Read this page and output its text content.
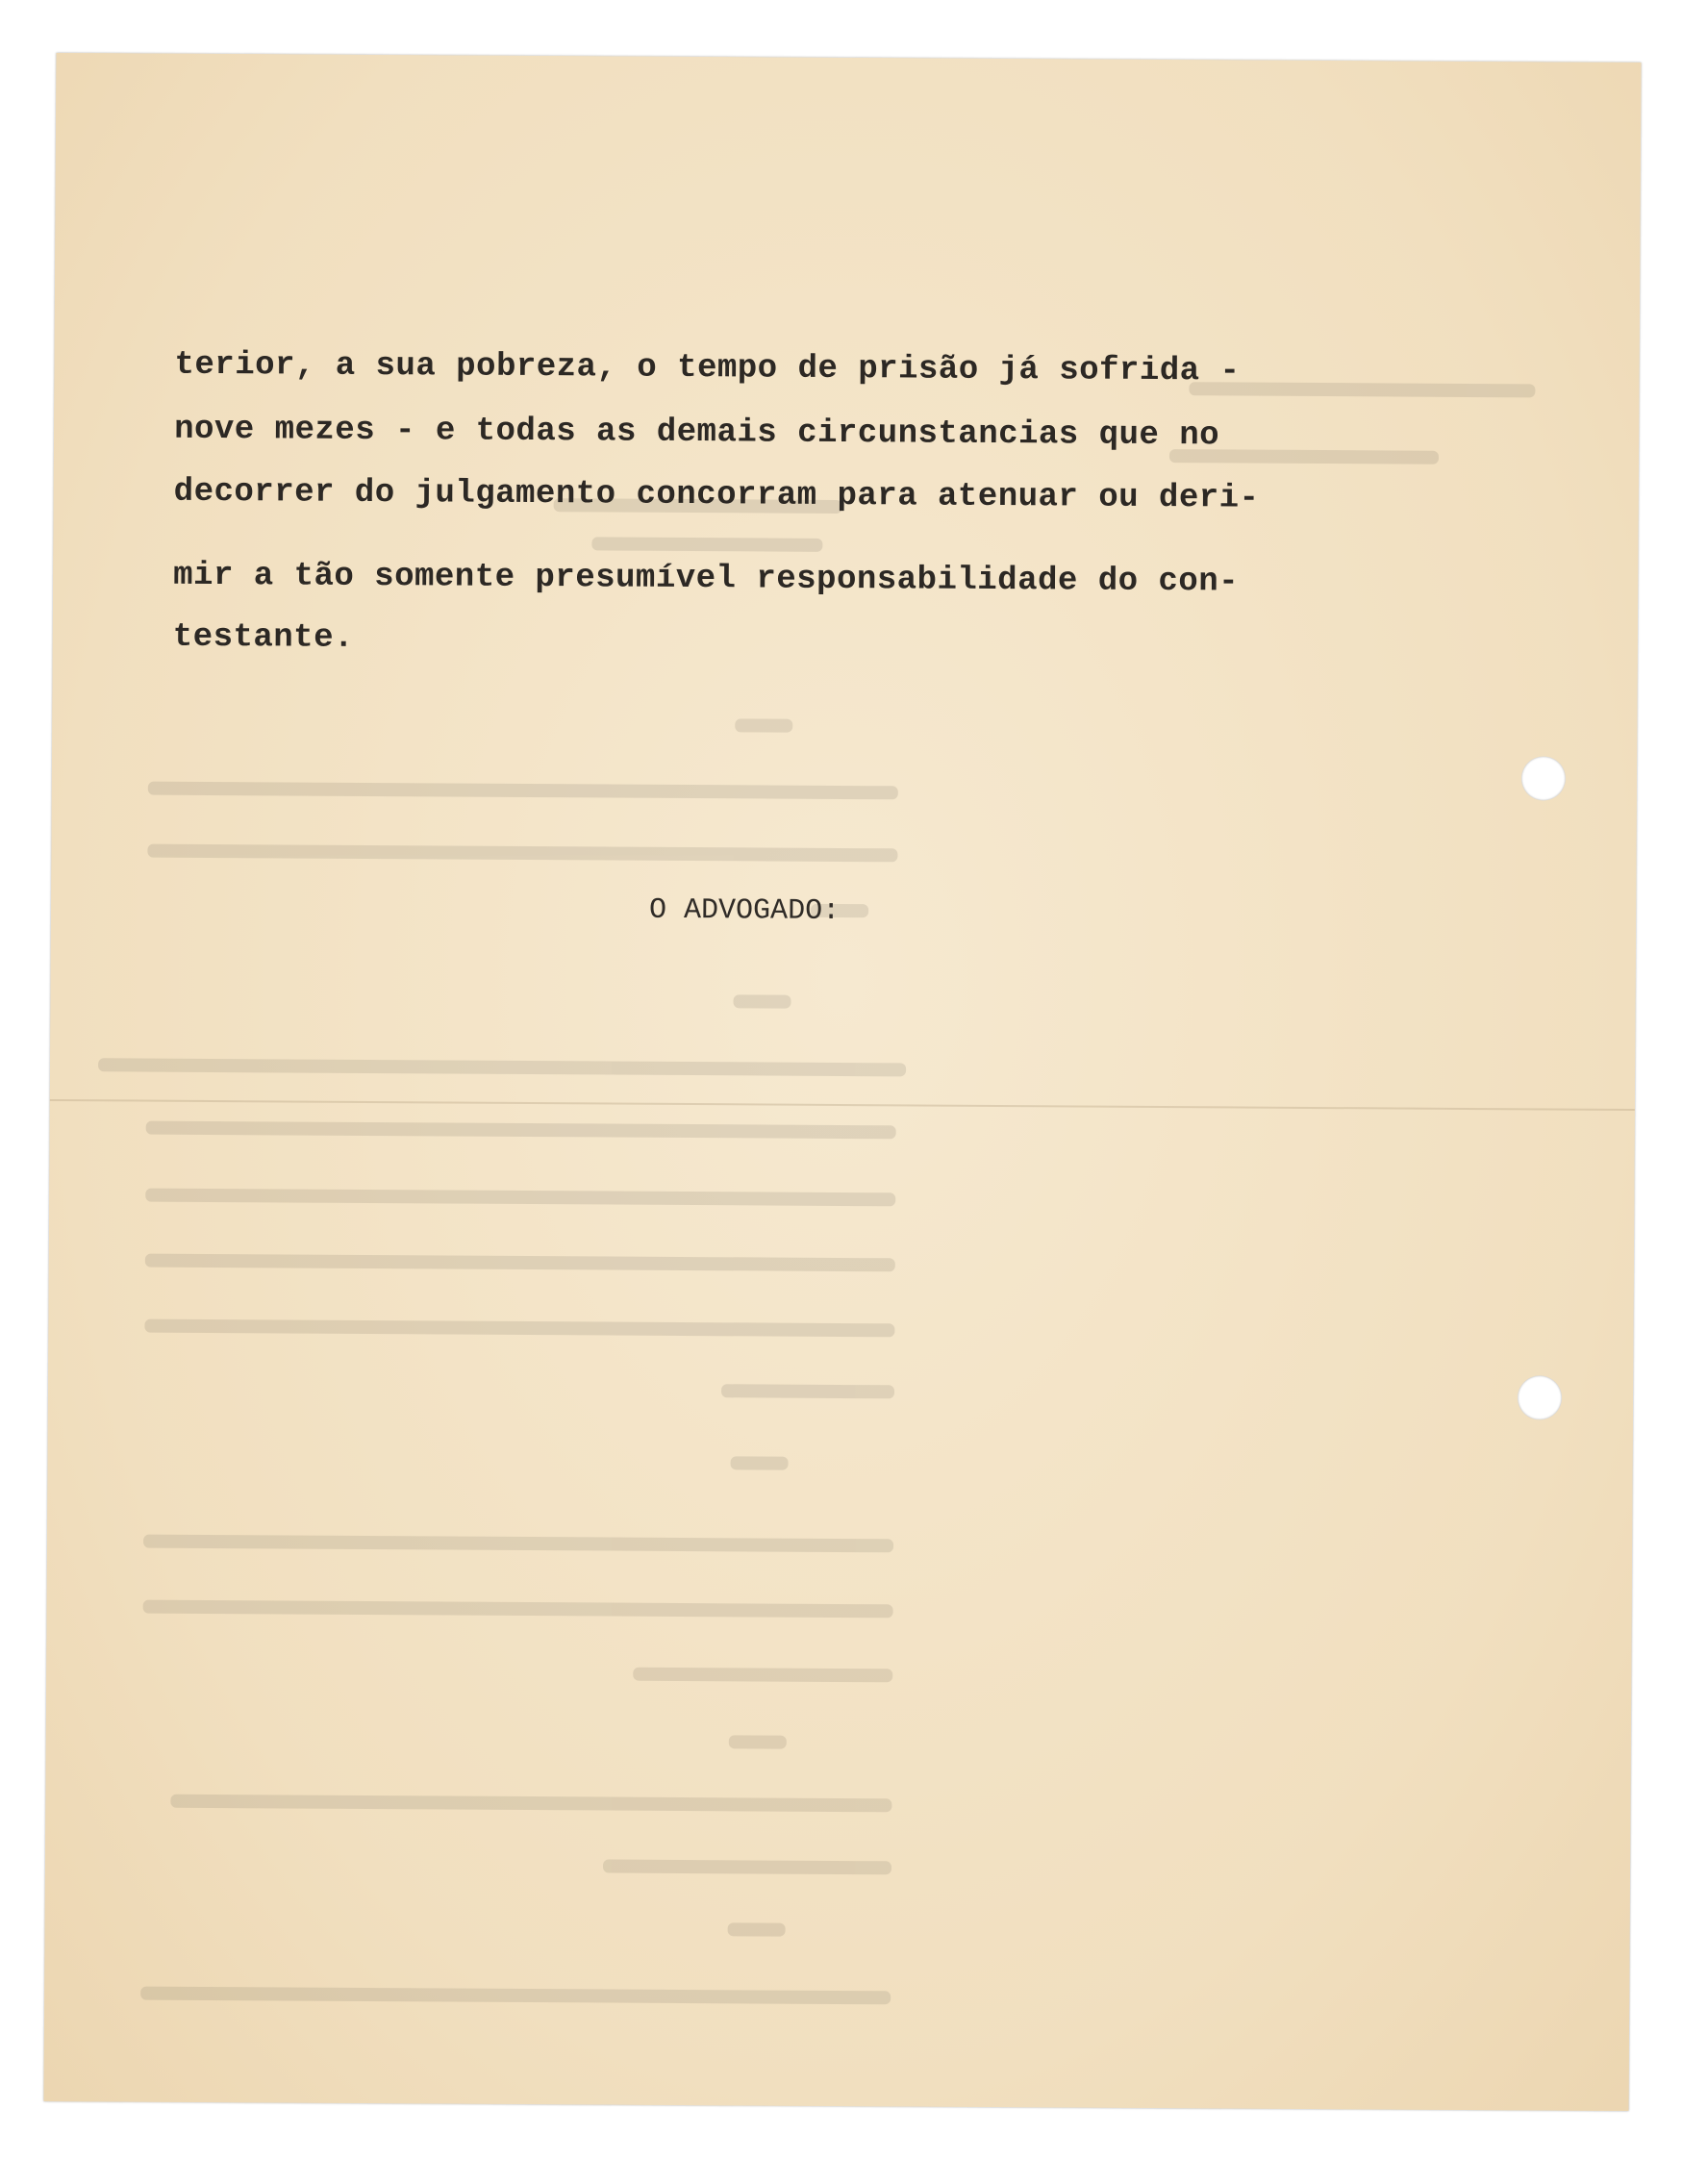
terior, a sua pobreza, o tempo de prisão já sofrida -
nove mezes - e todas as demais circunstancias que no
decorrer do julgamento concorram para atenuar ou deri-
mir a tão somente presumível responsabilidade do con-
testante.
O ADVOGADO:
